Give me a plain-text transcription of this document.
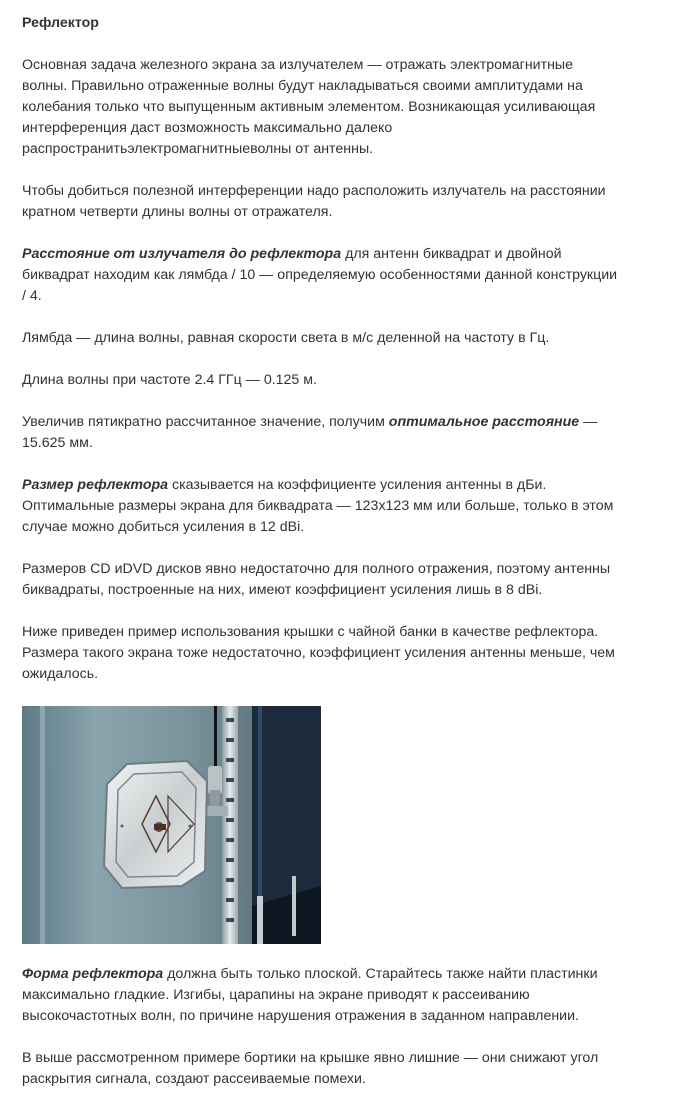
Рефлектор

Основная задача железного экрана за излучателем — отражать электромагнитные волны. Правильно отраженные волны будут накладываться своими амплитудами на колебания только что выпущенным активным элементом. Возникающая усиливающая интерференция даст возможность максимально далеко распространитьэлектромагнитныеволны от антенны.

Чтобы добиться полезной интерференции надо расположить излучатель на расстоянии кратном четверти длины волны от отражателя.

Расстояние от излучателя до рефлектора для антенн биквадрат и двойной биквадрат находим как лямбда / 10 — определяемую особенностями данной конструкции / 4.

Лямбда — длина волны, равная скорости света в м/с деленной на частоту в Гц.

Длина волны при частоте 2.4 ГГц — 0.125 м.

Увеличив пятикратно рассчитанное значение, получим оптимальное расстояние — 15.625 мм.

Размер рефлектора сказывается на коэффициенте усиления антенны в дБи. Оптимальные размеры экрана для биквадрата — 123х123 мм или больше, только в этом случае можно добиться усиления в 12 dBi.

Размеров CD иDVD дисков явно недостаточно для полного отражения, поэтому антенны биквадраты, построенные на них, имеют коэффициент усиления лишь в 8 dBi.

Ниже приведен пример использования крышки с чайной банки в качестве рефлектора. Размера такого экрана тоже недостаточно, коэффициент усиления антенны меньше, чем ожидалось.

Форма рефлектора должна быть только плоской. Старайтесь также найти пластинки максимально гладкие. Изгибы, царапины на экране приводят к рассеиванию высокочастотных волн, по причине нарушения отражения в заданном направлении.

В выше рассмотренном примере бортики на крышке явно лишние — они снижают угол раскрытия сигнала, создают рассеиваемые помехи.
